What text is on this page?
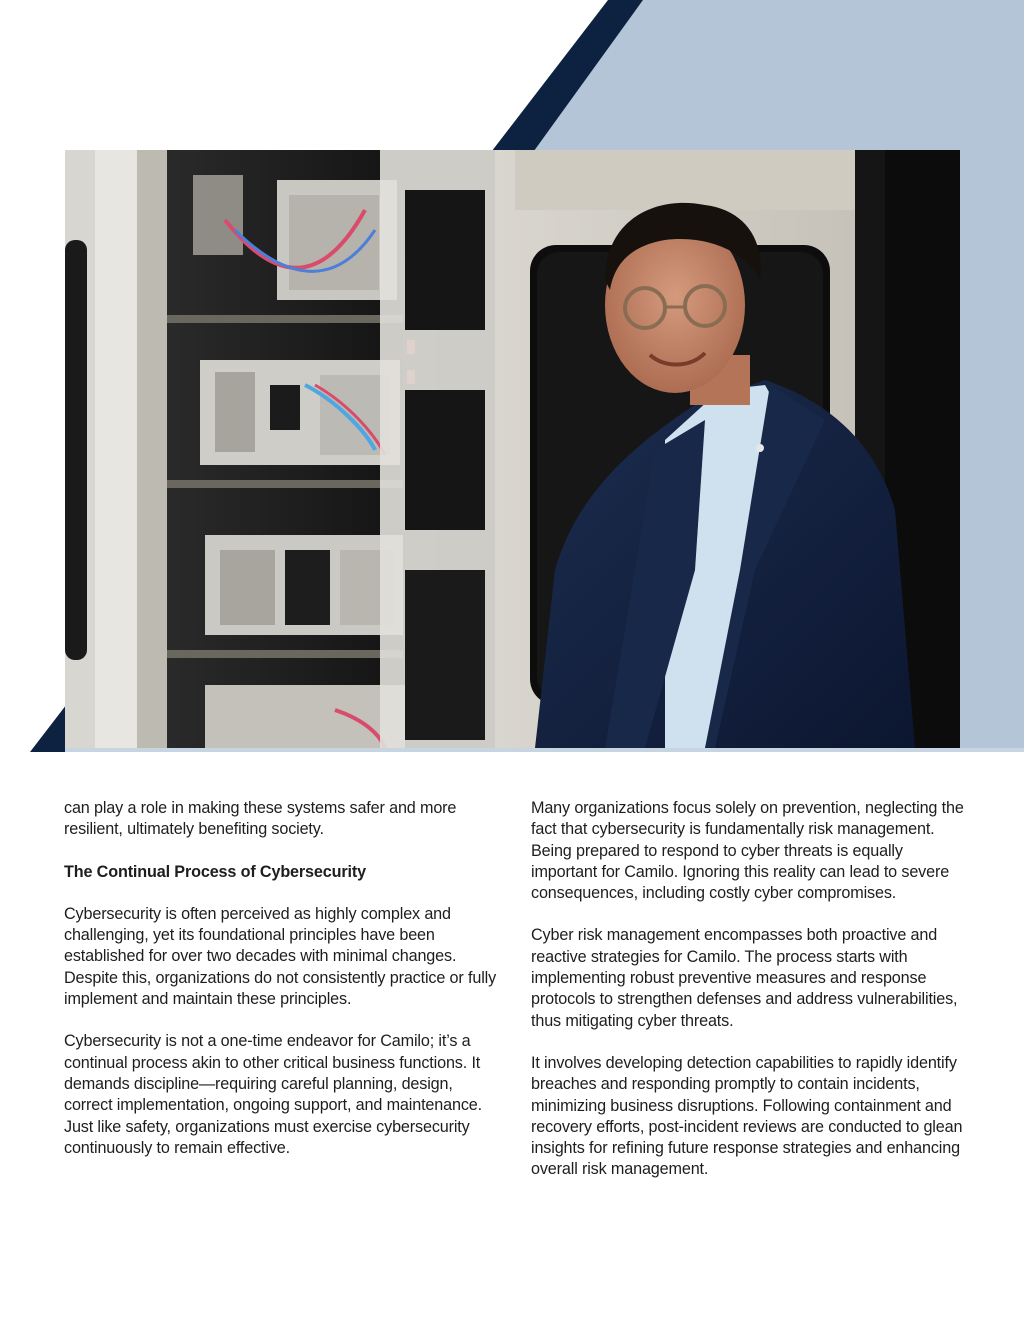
can play a role in making these systems safer and more resilient, ultimately benefiting society.

The Continual Process of Cybersecurity

Cybersecurity is often perceived as highly complex and challenging, yet its foundational principles have been established for over two decades with minimal changes. Despite this, organizations do not consistently practice or fully implement and maintain these principles.

Cybersecurity is not a one-time endeavor for Camilo; it’s a continual process akin to other critical business functions. It demands discipline—requiring careful planning, design, correct implementation, ongoing support, and maintenance. Just like safety, organizations must exercise cybersecurity continuously to remain effective.

Many organizations focus solely on prevention, neglecting the fact that cybersecurity is fundamentally risk management. Being prepared to respond to cyber threats is equally important for Camilo. Ignoring this reality can lead to severe consequences, including costly cyber compromises.

Cyber risk management encompasses both proactive and reactive strategies for Camilo. The process starts with implementing robust preventive measures and response protocols to strengthen defenses and address vulnerabilities, thus mitigating cyber threats.

It involves developing detection capabilities to rapidly identify breaches and responding promptly to contain incidents, minimizing business disruptions. Following containment and recovery efforts, post-incident reviews are conducted to glean insights for refining future response strategies and enhancing overall risk management.
